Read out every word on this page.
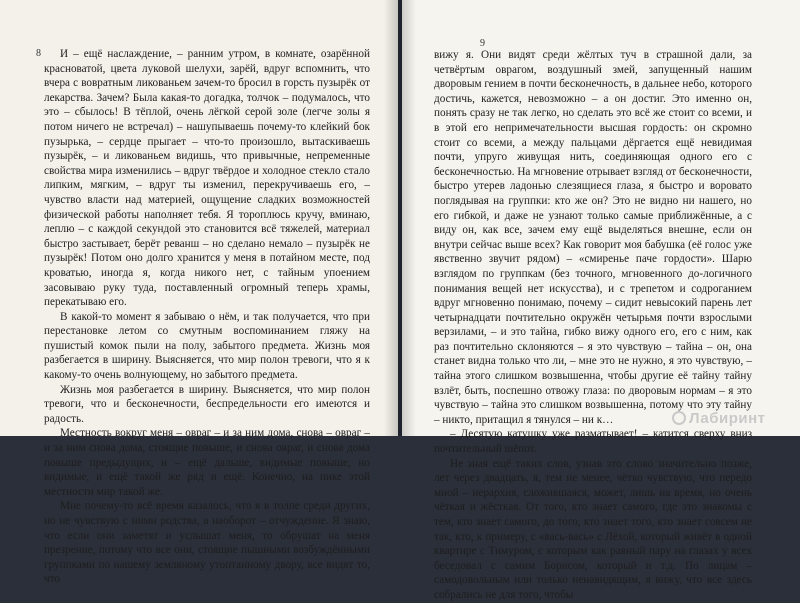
8	И – ещё наслаждение, – ранним утром, в комнате, озарённой красноватой, цвета луковой шелухи, зарёй, вдруг вспомнить, что вчера с вовратным ликованьем зачем-то бросил в горсть пузырёк от лекарства. Зачем? Была какая-то догадка, толчок – подумалось, что это – сбылось! В тёплой, очень лёгкой серой золе (легче золы я потом ничего не встречал) – нашупываешь почему-то клейкий бок пузырька, – сердце прыгает – что-то произошло, вытаскиваешь пузырёк, – и ликованьем видишь, что привычные, непременные свойства мира изменились – вдруг твёрдое и холодное стекло стало липким, мягким, – вдруг ты изменил, перекручиваешь его, – чувство власти над материей, ощущение сладких возможностей физической работы наполняет тебя. Я тороплюсь кручу, вминаю, леплю – с каждой секундой это становится всё тяжелей, материал быстро застывает, берёт реванш – но сделано немало – пузырёк не пузырёк! Потом оно долго хранится у меня в потайном месте, под кроватью, иногда я, когда никого нет, с тайным упоением засовываю руку туда, поставленный огромный теперь храмы, перекатываю его.

В какой-то момент я забываю о нём, и так получается, что при перестановке летом со смутным воспоминанием гляжу на пушистый комок пыли на полу, забытого предмета. Жизнь моя разбегается в ширину. Выясняется, что мир полон тревоги, что я к какому-то очень волнующему, но забытого предмета.

Жизнь моя разбегается в ширину. Выясняется, что мир полон тревоги, что и бесконечности, беспредельности его имеются и радость.

Местность вокруг меня – овраг – и за ним дома, снова – овраг – и за ним снова дома, стоящие повыше, и снова овраг, и снова дома повыше предыдущих, и – ещё дальше, видимые повыше, но видимые, и ещё такой же ряд и ещё. Конечно, на пике этой местности мир такой же.

Мне почему-то всё время казалось, что я в толпе среди других, но не чувствую с ними родства, а наоборот – отчуждение. Я знаю, что если они заметят и услышат меня, то обрушат на меня презрение, потому что все они, стоящие пышными возбуждёнными группками по нашему земляному утоптанному двору, все видят то, что

9

вижу я. Они видят среди жёлтых туч в страшной дали, за четвёртым оврагом, воздушный змей, запущенный нашим дворовым гением в почти бесконечность, в дальнее небо, которого достичь, кажется, невозможно – а он достиг. Это именно он, понять сразу не так легко, но сделать это всё же стоит со всеми, и в этой его непримечательности высшая гордость: он скромно стоит со всеми, а между пальцами дёргается ещё невидимая почти, упруго живущая нить, соединяющая одного его с бесконечностью. На мгновение отрывает взгляд от бесконечности, быстро утерев ладонью слезящиеся глаза, я быстро и воровато поглядывая на группки: кто же он? Это не видно ни нашего, но его гибкой, и даже не узнают только самые приближённые, а с виду он, как все, зачем ему ещё выделяться внешне, если он внутри сейчас выше всех? Как говорит моя бабушка (её голос уже явственно звучит рядом) – «смиренье паче гордости». Шарю взглядом по группкам (без точного, мгновенного до-логичного понимания вещей нет искусства), и с трепетом и содроганием вдруг мгновенно понимаю, почему – сидит невысокий парень лет четырнадцати почтительно окружён четырьмя почти взрослыми верзилами, – и это тайна, гибко вижу одного его, его с ним, как раз почтительно склоняются – я это чувствую – тайна – он, она станет видна только что ли, – мне это не нужно, я это чувствую, – тайна этого слишком возвышенна, чтобы другие её тайну тайну взлёт, быть, поспешно отвожу глаза: по дворовым нормам – я это чувствую – тайна это слишком возвышенна, потому что эту тайну – никто, притащил я тянулся – ни к…

– Десятую катушку уже разматывает! – катится сверху вниз почтительный шёпот.

Не зная ещё таких слов, узнав это слово значительно позже, лет через двадцать, я, тем не менее, чётко чувствую, что передо мной – иерархия, сложившаяся, может, лишь на время, но очень чёткая и жёсткая. От того, кто знает самого, где это знакомы с тем, кто знает самого, до того, кто знает того, кто знает совсем не так, кто, к примеру, с «вась-вась» с Лёхой, который живёт в одной квартире с Тимуром, с которым как равный пару на глазах у всех беседовал с самим Борисом, который и т.д. По лицам – самодовольным или только ненавидящим, я вижу, что все здесь собрались не для того, чтобы

Лабиринт
